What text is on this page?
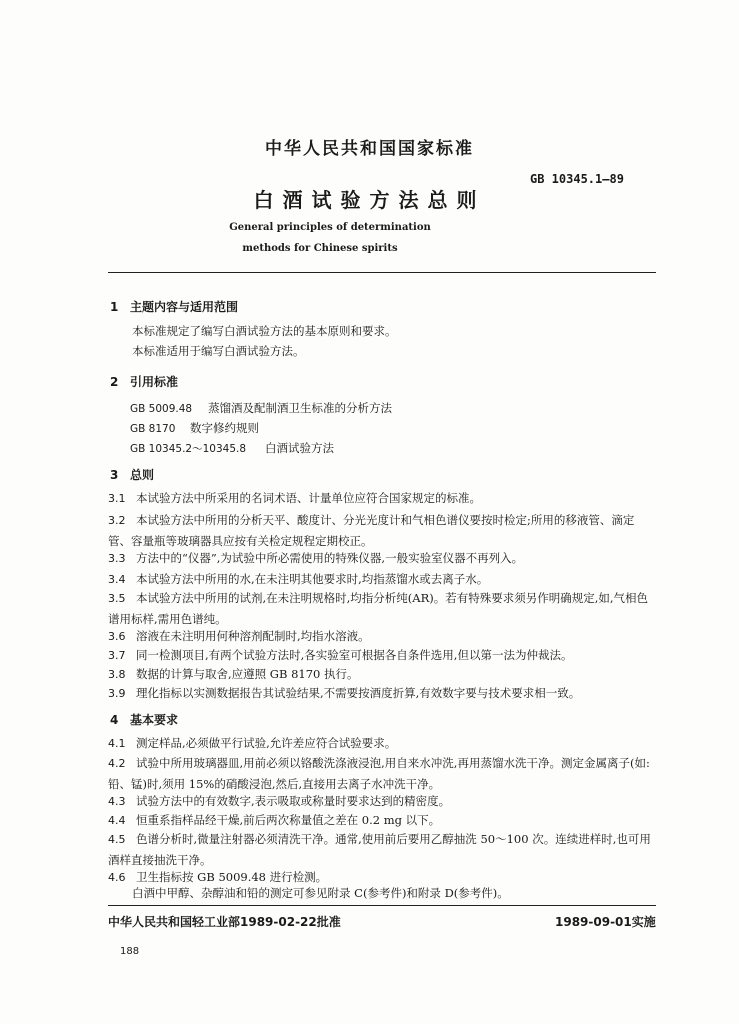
中华人民共和国国家标准
GB 10345.1—89
白酒试验方法总则
General principles of determination
methods for Chinese spirits
1 主题内容与适用范围
本标准规定了编写白酒试验方法的基本原则和要求。
本标准适用于编写白酒试验方法。
2 引用标准
GB 5009.48 蒸馏酒及配制酒卫生标准的分析方法
GB 8170 数字修约规则
GB 10345.2～10345.8 白酒试验方法
3 总则
3.1 本试验方法中所采用的名词术语、计量单位应符合国家规定的标准。
3.2 本试验方法中所用的分析天平、酸度计、分光光度计和气相色谱仪要按时检定;所用的移液管、滴定管、容量瓶等玻璃器具应按有关检定规程定期校正。
3.3 方法中的“仪器”,为试验中所必需使用的特殊仪器,一般实验室仪器不再列入。
3.4 本试验方法中所用的水,在未注明其他要求时,均指蒸馏水或去离子水。
3.5 本试验方法中所用的试剂,在未注明规格时,均指分析纯(AR)。若有特殊要求须另作明确规定,如,气相色谱用标样,需用色谱纯。
3.6 溶液在未注明用何种溶剂配制时,均指水溶液。
3.7 同一检测项目,有两个试验方法时,各实验室可根据各自条件选用,但以第一法为仲裁法。
3.8 数据的计算与取舍,应遵照 GB 8170 执行。
3.9 理化指标以实测数据报告其试验结果,不需要按酒度折算,有效数字要与技术要求相一致。
4 基本要求
4.1 测定样品,必须做平行试验,允许差应符合试验要求。
4.2 试验中所用玻璃器皿,用前必须以铬酸洗涤液浸泡,用自来水冲洗,再用蒸馏水洗干净。测定金属离子(如:铅、锰)时,须用 15%的硝酸浸泡,然后,直接用去离子水冲洗干净。
4.3 试验方法中的有效数字,表示吸取或称量时要求达到的精密度。
4.4 恒重系指样品经干燥,前后两次称量值之差在 0.2 mg 以下。
4.5 色谱分析时,微量注射器必须清洗干净。通常,使用前后要用乙醇抽洗 50～100 次。连续进样时,也可用酒样直接抽洗干净。
4.6 卫生指标按 GB 5009.48 进行检测。
白酒中甲醇、杂醇油和铅的测定可参见附录 C(参考件)和附录 D(参考件)。
中华人民共和国轻工业部1989-02-22批准	1989-09-01实施
188
